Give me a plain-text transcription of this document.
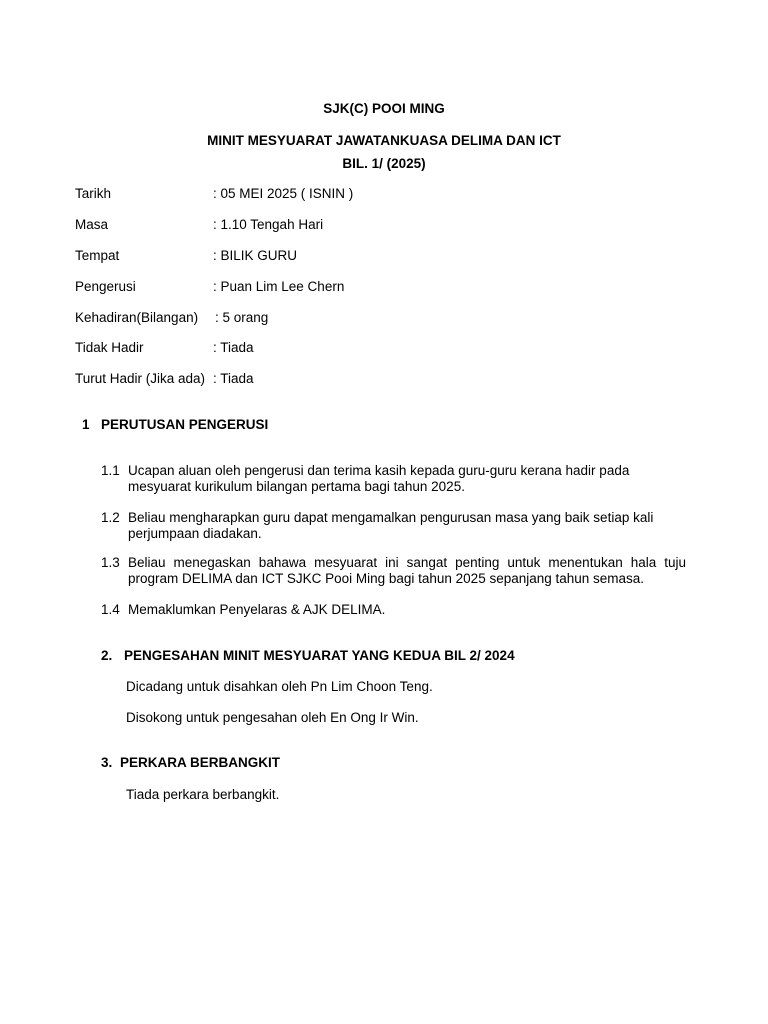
SJK(C) POOI MING
MINIT MESYUARAT JAWATANKUASA DELIMA DAN ICT
BIL. 1/ (2025)
Tarikh	: 05 MEI 2025 ( ISNIN )
Masa	: 1.10 Tengah Hari
Tempat	: BILIK GURU
Pengerusi	: Puan Lim Lee Chern
Kehadiran(Bilangan) : 5 orang
Tidak Hadir	: Tiada
Turut Hadir (Jika ada) : Tiada
1 PERUTUSAN PENGERUSI
1.1 Ucapan aluan oleh pengerusi dan terima kasih kepada guru-guru kerana hadir pada mesyuarat kurikulum bilangan pertama bagi tahun 2025.
1.2 Beliau mengharapkan guru dapat mengamalkan pengurusan masa yang baik setiap kali perjumpaan diadakan.
1.3 Beliau menegaskan bahawa mesyuarat ini sangat penting untuk menentukan hala tuju program DELIMA dan ICT SJKC Pooi Ming bagi tahun 2025 sepanjang tahun semasa.
1.4 Memaklumkan Penyelaras & AJK DELIMA.
2. PENGESAHAN MINIT MESYUARAT YANG KEDUA BIL 2/ 2024
Dicadang untuk disahkan oleh Pn Lim Choon Teng.
Disokong untuk pengesahan oleh En Ong Ir Win.
3. PERKARA BERBANGKIT
Tiada perkara berbangkit.
